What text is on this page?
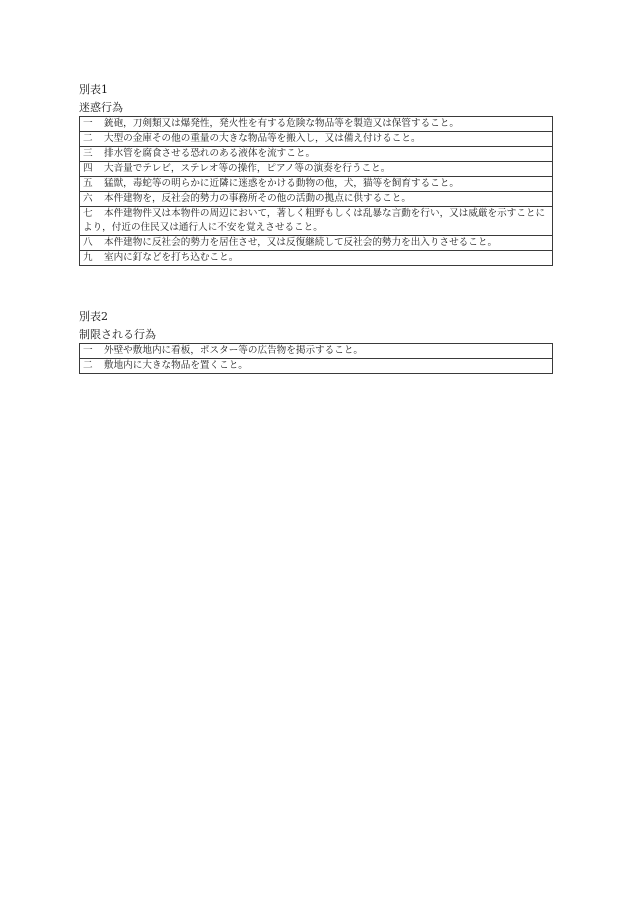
別表1
迷惑行為
一 銃砲，刀剣類又は爆発性，発火性を有する危険な物品等を製造又は保管すること。
二 大型の金庫その他の重量の大きな物品等を搬入し，又は備え付けること。
三 排水管を腐食させる恐れのある液体を流すこと。
四 大音量でテレビ，ステレオ等の操作，ピアノ等の演奏を行うこと。
五 猛獣，毒蛇等の明らかに近隣に迷惑をかける動物の他，犬，猫等を飼育すること。
六 本件建物を，反社会的勢力の事務所その他の活動の拠点に供すること。
七 本件建物件又は本物件の周辺において，著しく粗野もしくは乱暴な言動を行い，又は威厳を示すことにより，付近の住民又は通行人に不安を覚えさせること。
八 本件建物に反社会的勢力を居住させ，又は反復継続して反社会的勢力を出入りさせること。
九 室内に釘などを打ち込むこと。
別表2
制限される行為
一 外壁や敷地内に看板，ポスター等の広告物を掲示すること。
二 敷地内に大きな物品を置くこと。
